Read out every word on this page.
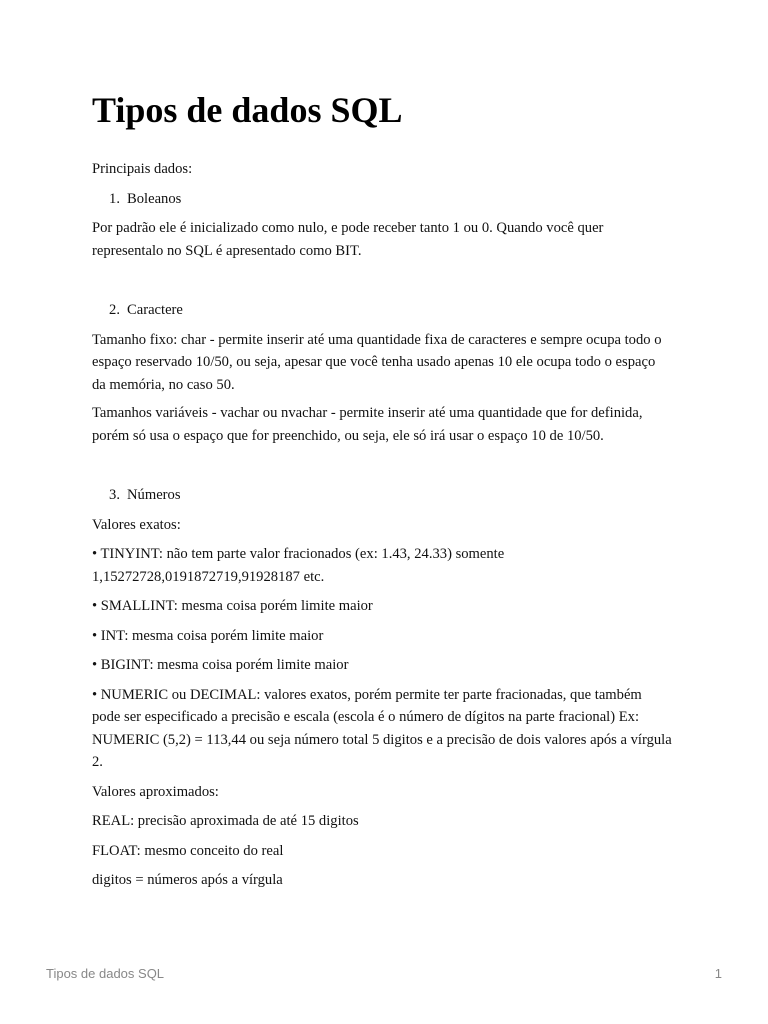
Tipos de dados SQL

Principais dados:

1. Boleanos

Por padrão ele é inicializado como nulo, e pode receber tanto 1 ou 0. Quando você quer representalo no SQL é apresentado como BIT.

2. Caractere

Tamanho fixo: char - permite inserir até uma quantidade fixa de caracteres e sempre ocupa todo o espaço reservado 10/50, ou seja, apesar que você tenha usado apenas 10 ele ocupa todo o espaço da memória, no caso 50.

Tamanhos variáveis - vachar ou nvachar - permite inserir até uma quantidade que for definida, porém só usa o espaço que for preenchido, ou seja, ele só irá usar o espaço 10 de 10/50.

3. Números

Valores exatos:

• TINYINT: não tem parte valor fracionados (ex: 1.43, 24.33) somente 1,15272728,0191872719,91928187 etc.

• SMALLINT: mesma coisa porém limite maior

• INT: mesma coisa porém limite maior

• BIGINT: mesma coisa porém limite maior

• NUMERIC ou DECIMAL: valores exatos, porém permite ter parte fracionadas, que também pode ser especificado a precisão e escala (escola é o número de dígitos na parte fracional) Ex: NUMERIC (5,2) = 113,44 ou seja número total 5 digitos e a precisão de dois valores após a vírgula 2.

Valores aproximados:

REAL: precisão aproximada de até 15 digitos

FLOAT: mesmo conceito do real

digitos = números após a vírgula

Tipos de dados SQL	1
